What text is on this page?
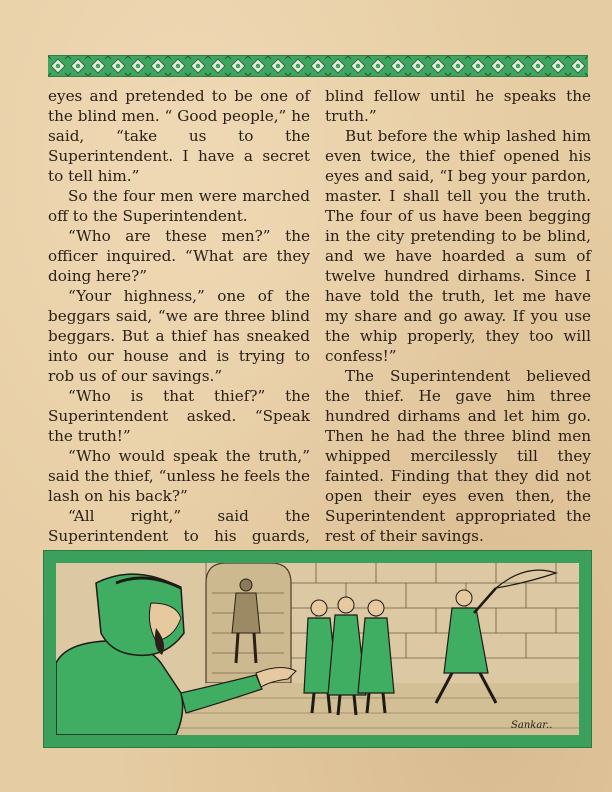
eyes and pretended to be one of the blind men. “ Good people,” he said, “take us to the Superintendent. I have a secret to tell him.”

So the four men were marched off to the Superintendent.

“Who are these men?” the officer inquired. “What are they doing here?”

“Your highness,” one of the beggars said, “we are three blind beggars. But a thief has sneaked into our house and is trying to rob us of our savings.”

“Who is that thief?” the Superintendent asked. “Speak the truth!”

“Who would speak the truth,” said the thief, “unless he feels the lash on his back?”

“All right,” said the Superintendent to his guards,

blind fellow until he speaks the truth.”

But before the whip lashed him even twice, the thief opened his eyes and said, “I beg your pardon, master. I shall tell you the truth. The four of us have been begging in the city pretending to be blind, and we have hoarded a sum of twelve hundred dirhams. Since I have told the truth, let me have my share and go away. If you use the whip properly, they too will confess!”

The Superintendent believed the thief. He gave him three hundred dirhams and let him go. Then he had the three blind men whipped mercilessly till they fainted. Finding that they did not open their eyes even then, the Superintendent appropriated the rest of their savings.

Sankar..
